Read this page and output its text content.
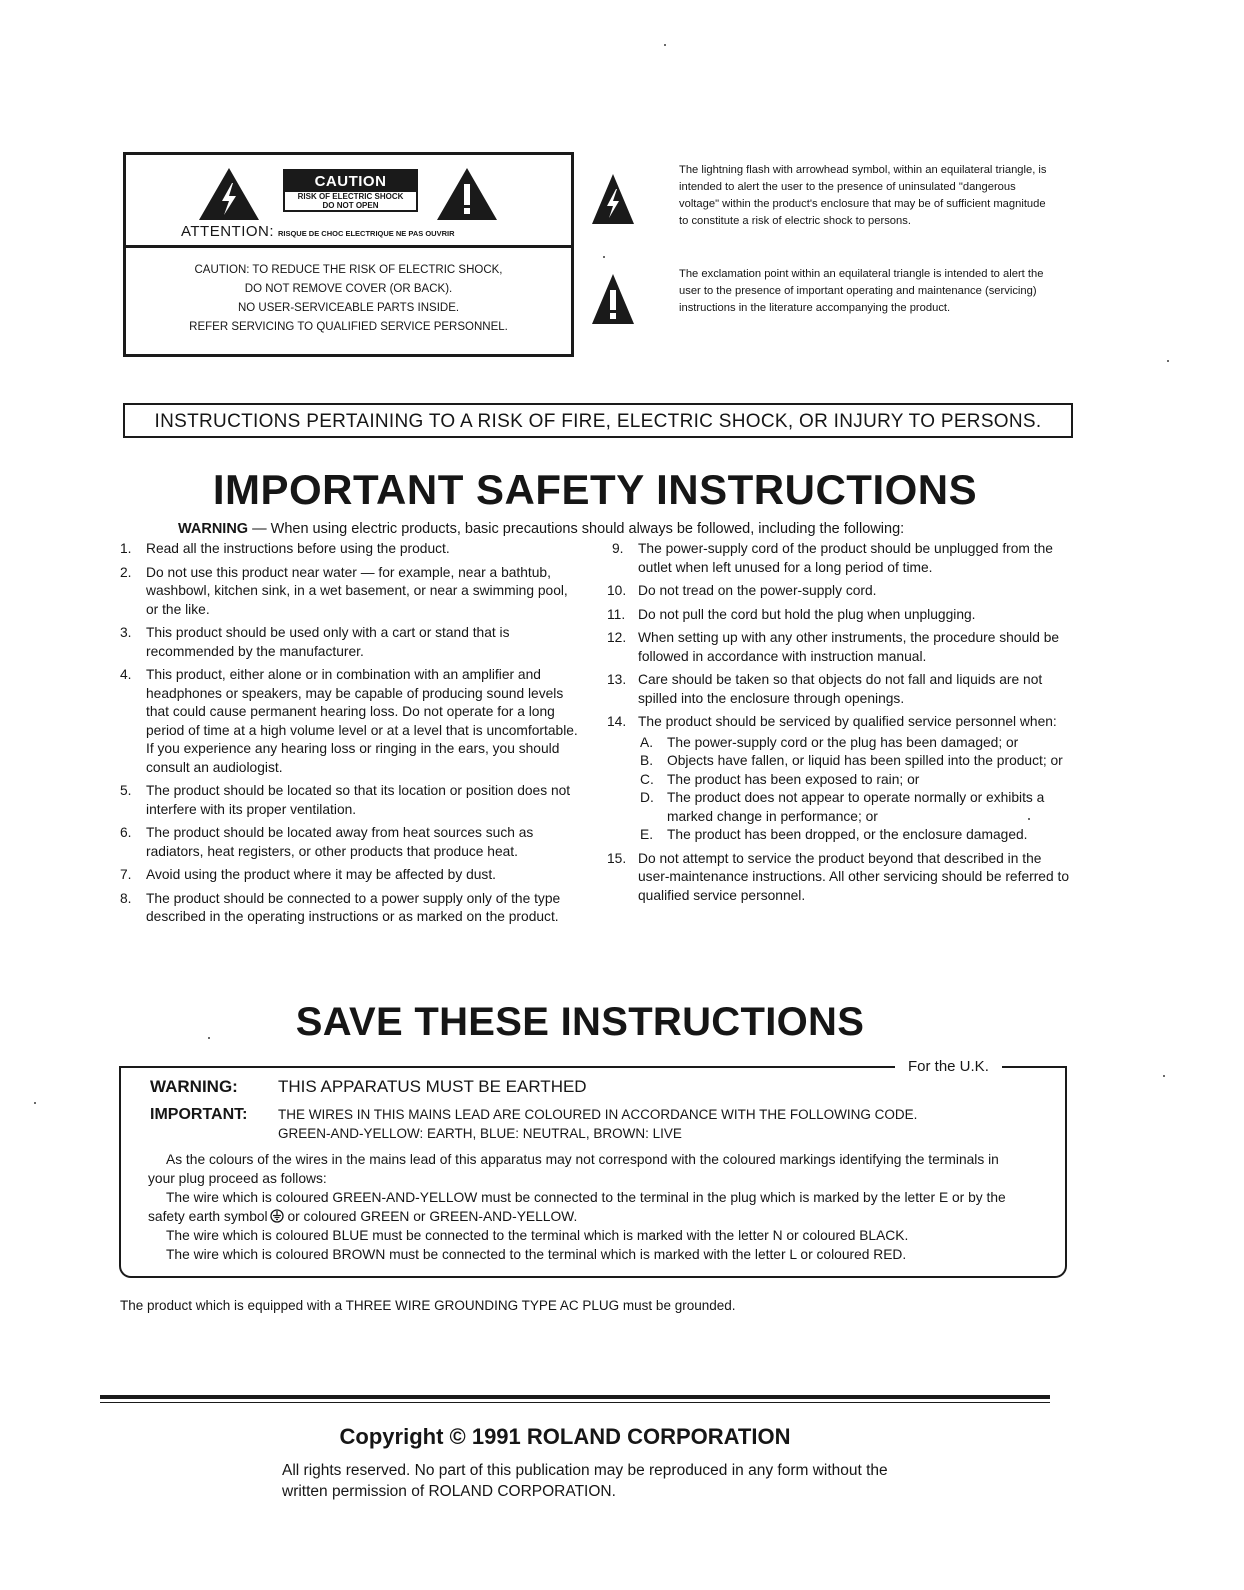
CAUTION
RISK OF ELECTRIC SHOCK
DO NOT OPEN
ATTENTION: RISQUE DE CHOC ELECTRIQUE NE PAS OUVRIR
CAUTION: TO REDUCE THE RISK OF ELECTRIC SHOCK,
DO NOT REMOVE COVER (OR BACK).
NO USER-SERVICEABLE PARTS INSIDE.
REFER SERVICING TO QUALIFIED SERVICE PERSONNEL.
The lightning flash with arrowhead symbol, within an equilateral triangle, is intended to alert the user to the presence of uninsulated "dangerous voltage" within the product's enclosure that may be of sufficient magnitude to constitute a risk of electric shock to persons.
The exclamation point within an equilateral triangle is intended to alert the user to the presence of important operating and maintenance (servicing) instructions in the literature accompanying the product.
INSTRUCTIONS PERTAINING TO A RISK OF FIRE, ELECTRIC SHOCK, OR INJURY TO PERSONS.
IMPORTANT SAFETY INSTRUCTIONS
WARNING — When using electric products, basic precautions should always be followed, including the following:
1. Read all the instructions before using the product.
2. Do not use this product near water — for example, near a bathtub, washbowl, kitchen sink, in a wet basement, or near a swimming pool, or the like.
3. This product should be used only with a cart or stand that is recommended by the manufacturer.
4. This product, either alone or in combination with an amplifier and headphones or speakers, may be capable of producing sound levels that could cause permanent hearing loss. Do not operate for a long period of time at a high volume level or at a level that is uncomfortable. If you experience any hearing loss or ringing in the ears, you should consult an audiologist.
5. The product should be located so that its location or position does not interfere with its proper ventilation.
6. The product should be located away from heat sources such as radiators, heat registers, or other products that produce heat.
7. Avoid using the product where it may be affected by dust.
8. The product should be connected to a power supply only of the type described in the operating instructions or as marked on the product.
9. The power-supply cord of the product should be unplugged from the outlet when left unused for a long period of time.
10. Do not tread on the power-supply cord.
11. Do not pull the cord but hold the plug when unplugging.
12. When setting up with any other instruments, the procedure should be followed in accordance with instruction manual.
13. Care should be taken so that objects do not fall and liquids are not spilled into the enclosure through openings.
14. The product should be serviced by qualified service personnel when:
A. The power-supply cord or the plug has been damaged; or
B. Objects have fallen, or liquid has been spilled into the product; or
C. The product has been exposed to rain; or
D. The product does not appear to operate normally or exhibits a marked change in performance; or
E. The product has been dropped, or the enclosure damaged.
15. Do not attempt to service the product beyond that described in the user-maintenance instructions. All other servicing should be referred to qualified service personnel.
SAVE THESE INSTRUCTIONS
For the U.K.
WARNING: THIS APPARATUS MUST BE EARTHED
IMPORTANT: THE WIRES IN THIS MAINS LEAD ARE COLOURED IN ACCORDANCE WITH THE FOLLOWING CODE.
GREEN-AND-YELLOW: EARTH, BLUE: NEUTRAL, BROWN: LIVE

As the colours of the wires in the mains lead of this apparatus may not correspond with the coloured markings identifying the terminals in your plug proceed as follows:

The wire which is coloured GREEN-AND-YELLOW must be connected to the terminal in the plug which is marked by the letter E or by the safety earth symbol or coloured GREEN or GREEN-AND-YELLOW.

The wire which is coloured BLUE must be connected to the terminal which is marked with the letter N or coloured BLACK.

The wire which is coloured BROWN must be connected to the terminal which is marked with the letter L or coloured RED.

The product which is equipped with a THREE WIRE GROUNDING TYPE AC PLUG must be grounded.
Copyright © 1991 ROLAND CORPORATION
All rights reserved. No part of this publication may be reproduced in any form without the written permission of ROLAND CORPORATION.
